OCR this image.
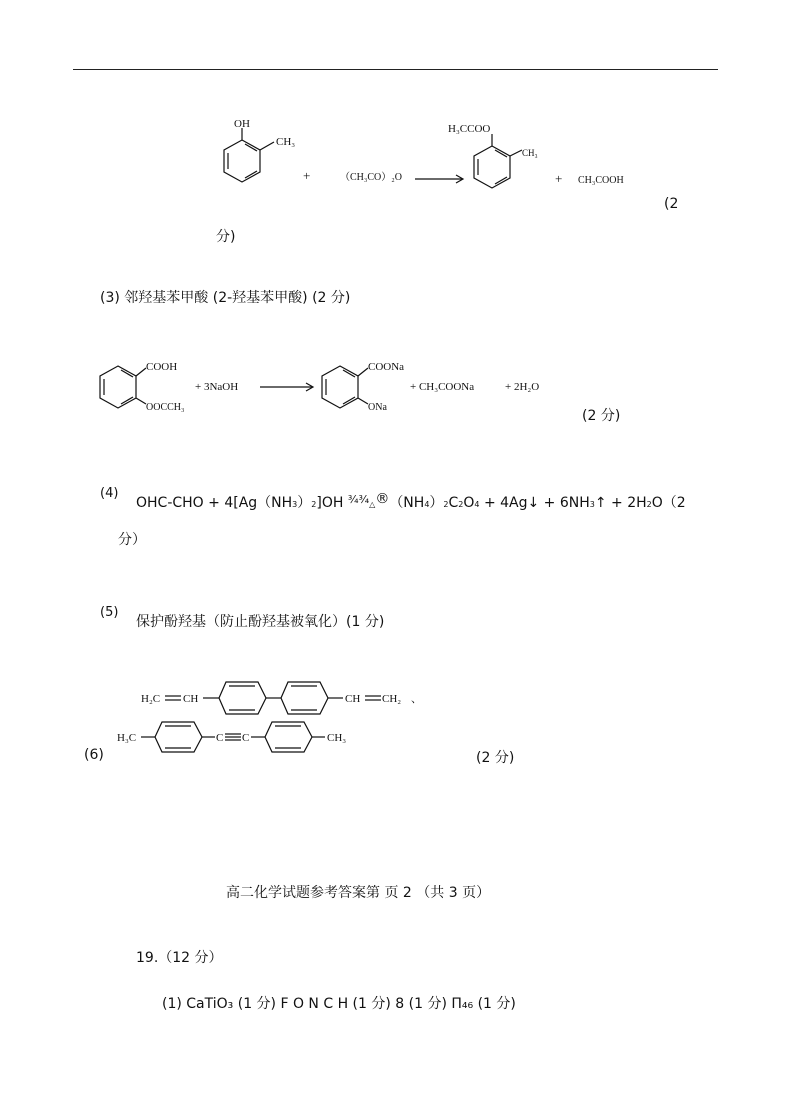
OH
CH₃
+	（CH₃CO）₂O
H₃CCOO
CH₃
+ CH₃COOH
(2
分)
(3) 邻羟基苯甲酸 (2-羟基苯甲酸) (2 分)
COOH
OOCCH₃
+ 3NaOH
COONa
ONa
+ CH₃COONa	+ 2H₂O
(2 分)
(4)
OHC-CHO + 4[Ag（NH3）2]OH $^{\frac{3}{4}\frac{3}{4}}$△®（NH4）2C2O4 + 4Ag↓ + 6NH3↑ + 2H2O（2
分）
(5)
保护酚羟基（防止酚羟基被氧化）(1 分)
(6)
H₂C CH	CH CH₂ 、
H₃C	C C	CH₃
(2 分)
高二化学试题参考答案第 页 2 （共 3 页）
19.（12 分）
(1) CaTiO₃ (1 分) F O N C H (1 分) 8 (1 分) Π₄₆ (1 分)
